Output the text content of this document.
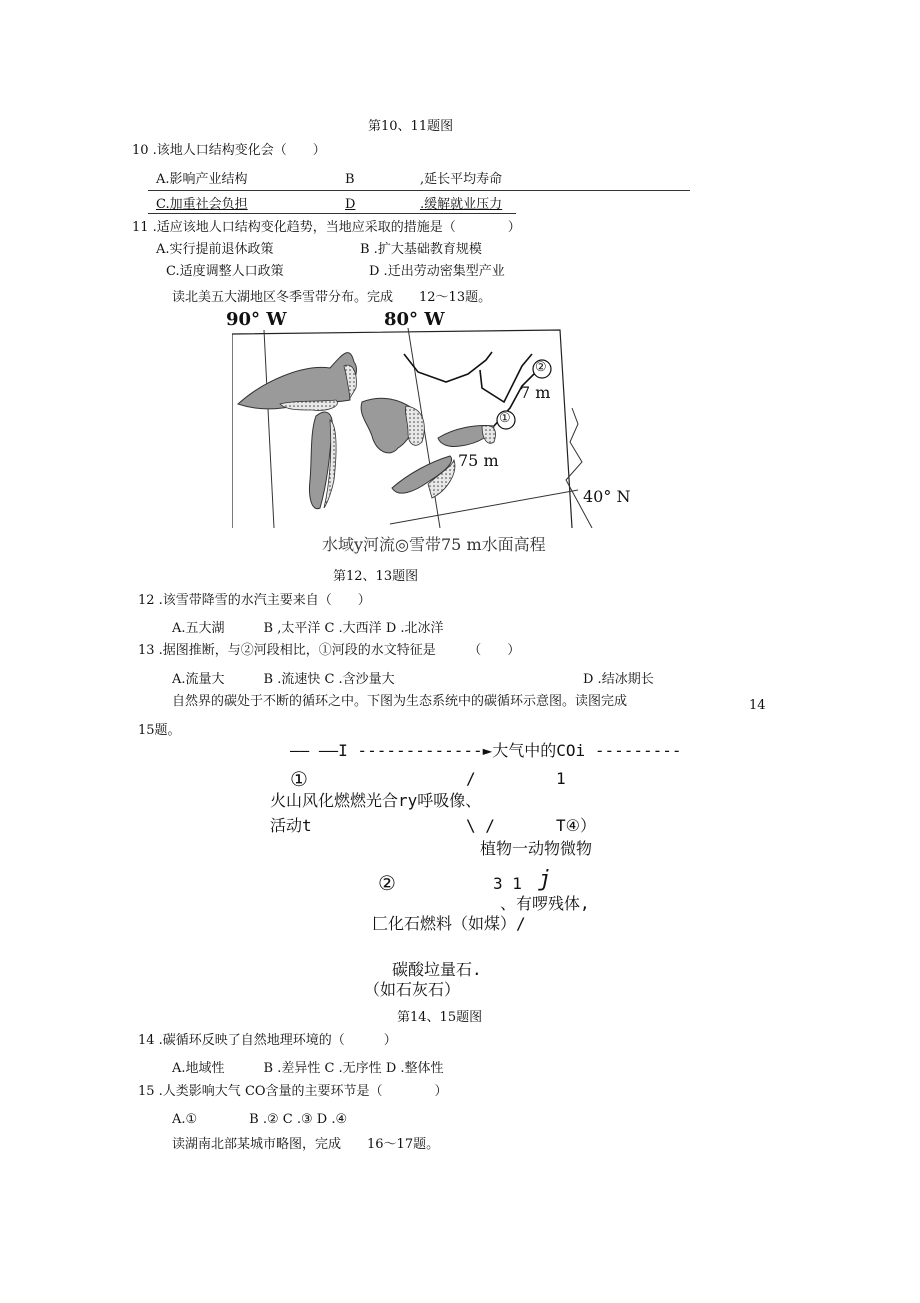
第10、11题图
10 .该地人口结构变化会（　　）
A.影响产业结构	B	,延长平均寿命
C.加重社会负担	D	.缓解就业压力
11 .适应该地人口结构变化趋势，当地应采取的措施是（　　　　）
A.实行提前退休政策	B .扩大基础教育规模
C.适度调整人口政策	D .迁出劳动密集型产业
读北美五大湖地区冬季雪带分布。完成　　12～13题。
90° W	80° W
40° N
②
①
7 m
75 m
水域y河流◎雪带75 m水面高程
第12、13题图
12 .该雪带降雪的水汽主要来自（　　）
A.五大湖　　　B ,太平洋 C .大西洋 D .北冰洋
13 .据图推断，与②河段相比，①河段的水文特征是　　　（　　）
A.流量大　　　B .流速快 C .含沙量大	D .结冰期长
自然界的碳处于不断的循环之中。下图为生态系统中的碳循环示意图。读图完成	14
15题。
—— ——I -------------►大气中的COi ---------
①	/	1
火山风化燃燃光合ry呼吸像、
活动t	\ /	T④）
植物一动物微物
②	3 1 j
、有啰残体,
匚化石燃料（如煤）/
碳酸垃量石.
（如石灰石）
第14、15题图
14 .碳循环反映了自然地理环境的（　　　）
A.地域性　　　B .差异性 C .无序性 D .整体性
15 .人类影响大气 CO含量的主要环节是（　　　　）
A.①　　　　B .② C .③ D .④
读湖南北部某城市略图，完成　　16～17题。
